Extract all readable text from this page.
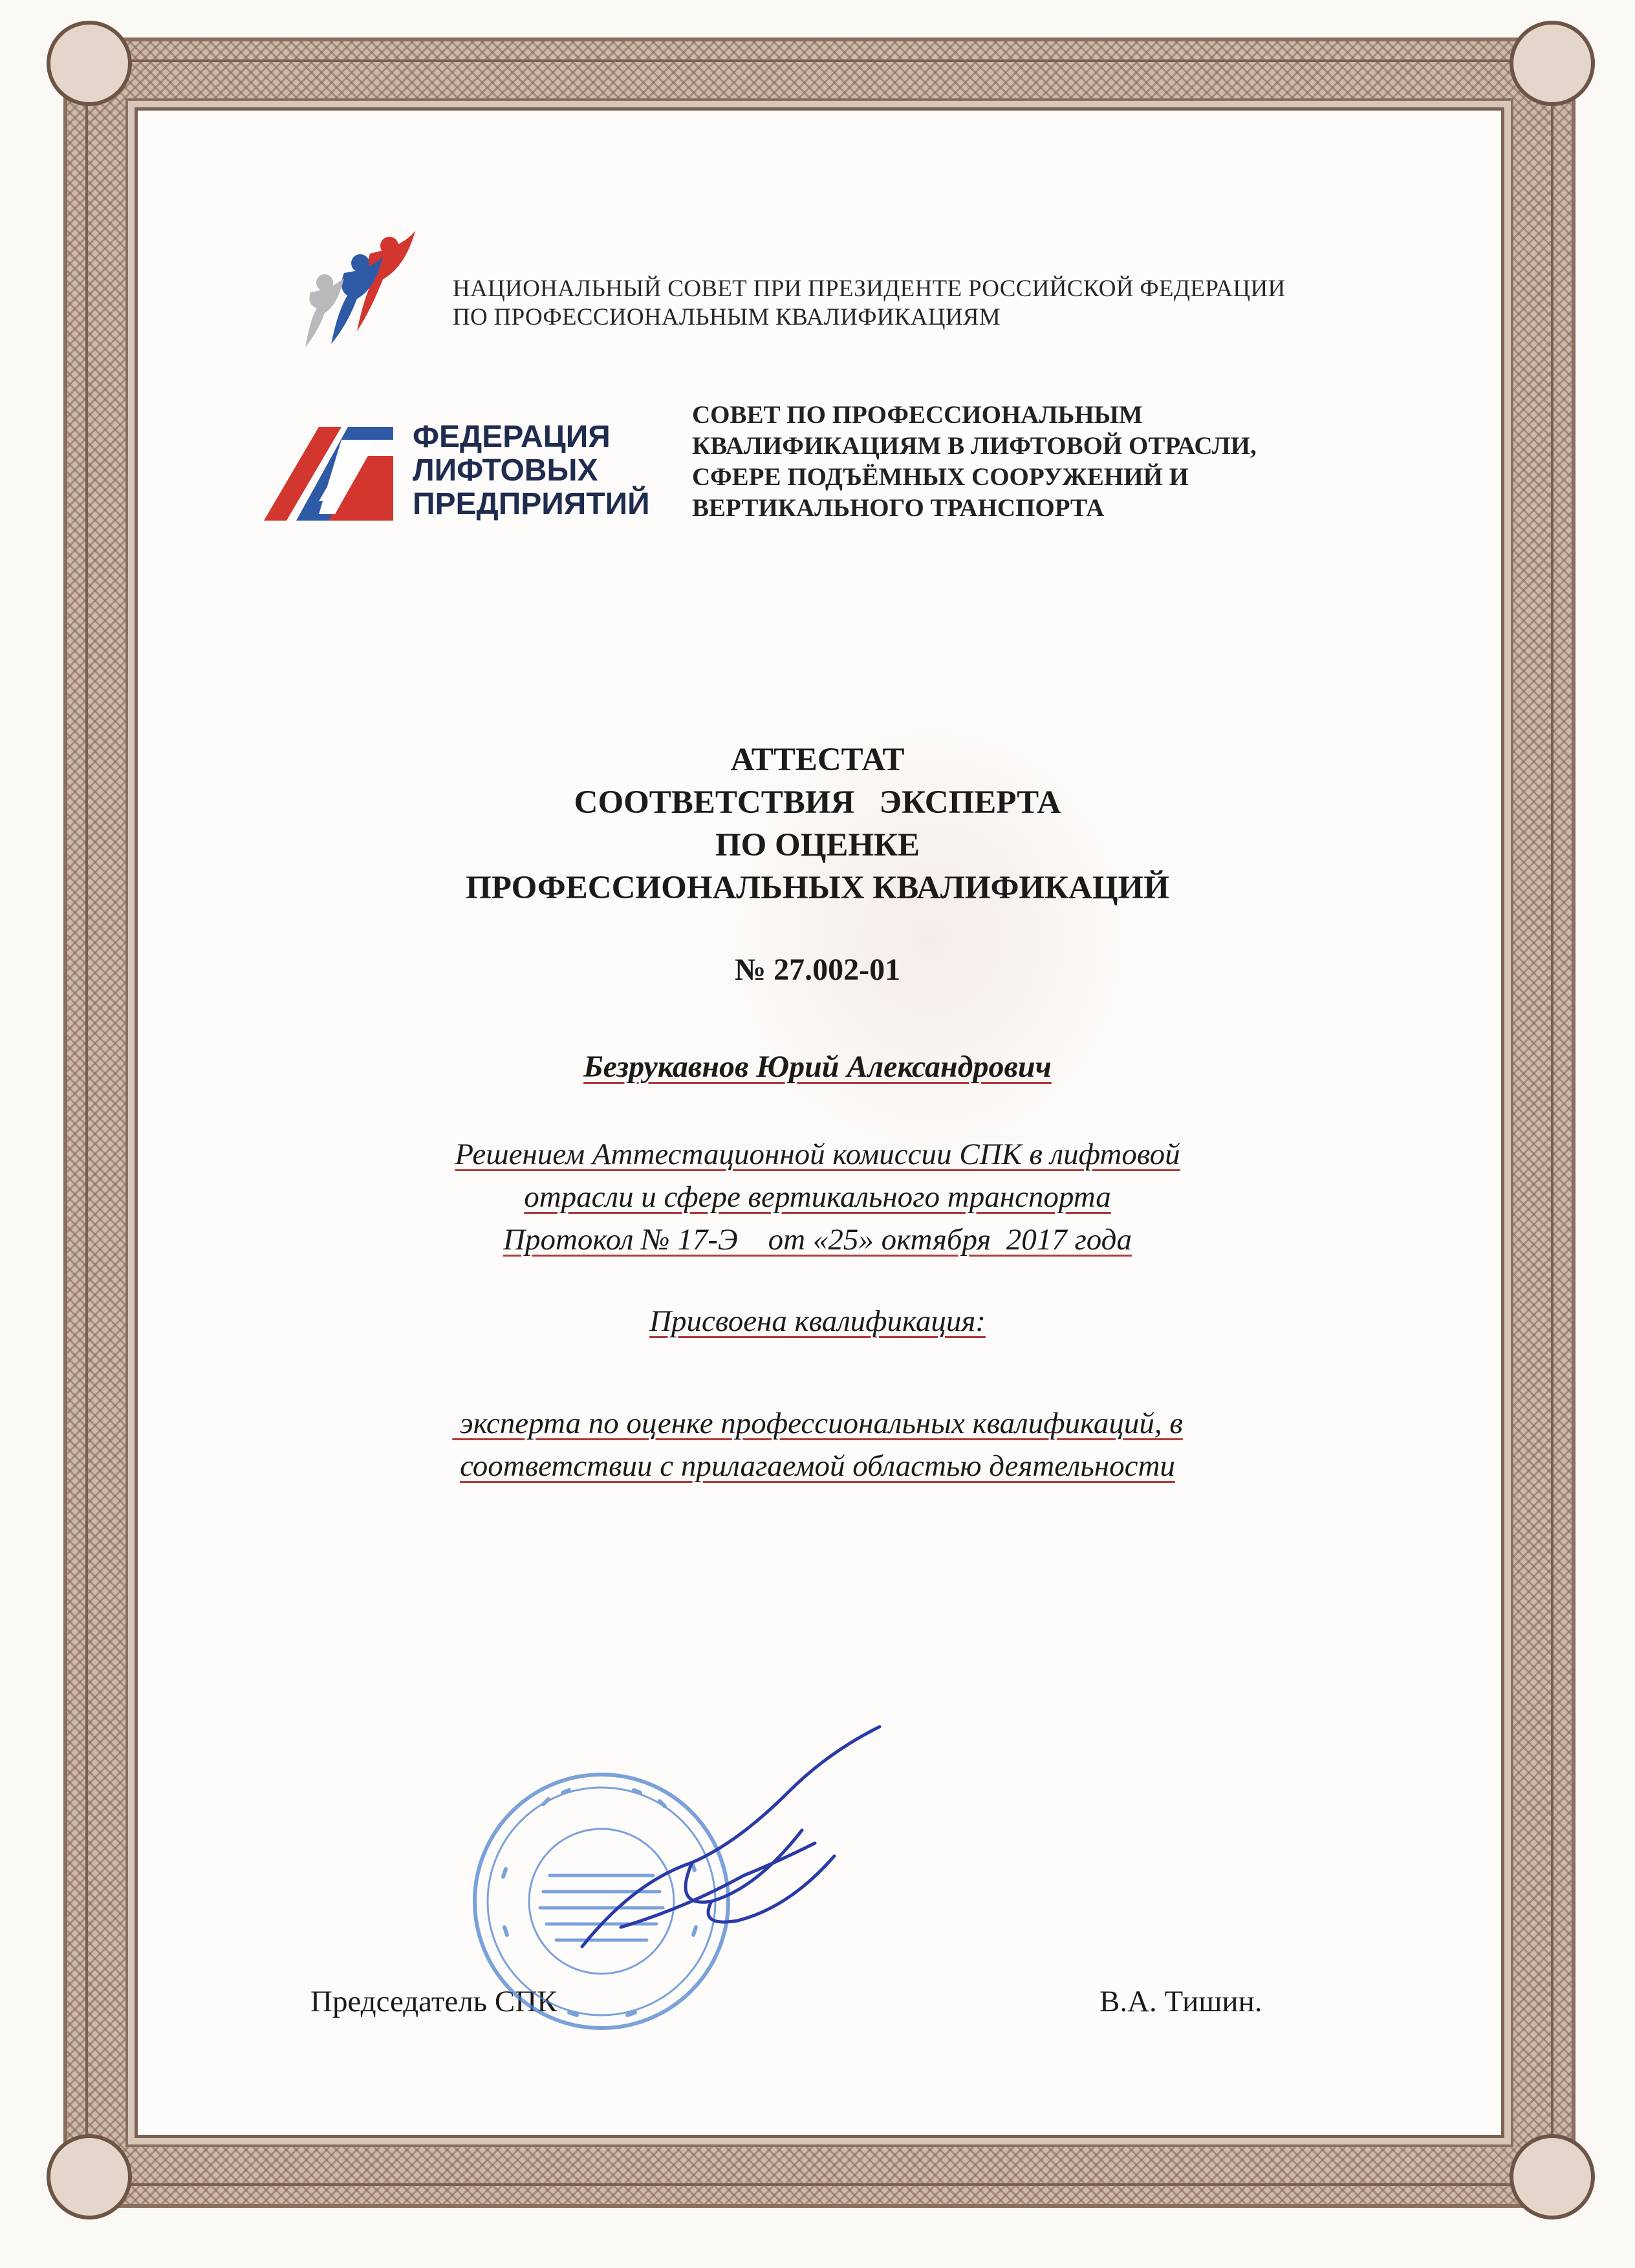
НАЦИОНАЛЬНЫЙ СОВЕТ ПРИ ПРЕЗИДЕНТЕ РОССИЙСКОЙ ФЕДЕРАЦИИ
ПО ПРОФЕССИОНАЛЬНЫМ КВАЛИФИКАЦИЯМ
ФЕДЕРАЦИЯ
ЛИФТОВЫХ
ПРЕДПРИЯТИЙ
СОВЕТ ПО ПРОФЕССИОНАЛЬНЫМ
КВАЛИФИКАЦИЯМ В ЛИФТОВОЙ ОТРАСЛИ,
СФЕРЕ ПОДЪЁМНЫХ СООРУЖЕНИЙ И
ВЕРТИКАЛЬНОГО ТРАНСПОРТА
АТТЕСТАТ
СООТВЕТСТВИЯ   ЭКСПЕРТА
ПО ОЦЕНКЕ
ПРОФЕССИОНАЛЬНЫХ КВАЛИФИКАЦИЙ
№ 27.002-01
Безрукавнов Юрий Александрович
Решением Аттестационной комиссии СПК в лифтовой
отрасли и сфере вертикального транспорта
Протокол № 17-Э    от «25» октября  2017 года
Присвоена квалификация:
эксперта по оценке профессиональных квалификаций, в
соответствии с прилагаемой областью деятельности
Председатель СПК	В.А. Тишин.
